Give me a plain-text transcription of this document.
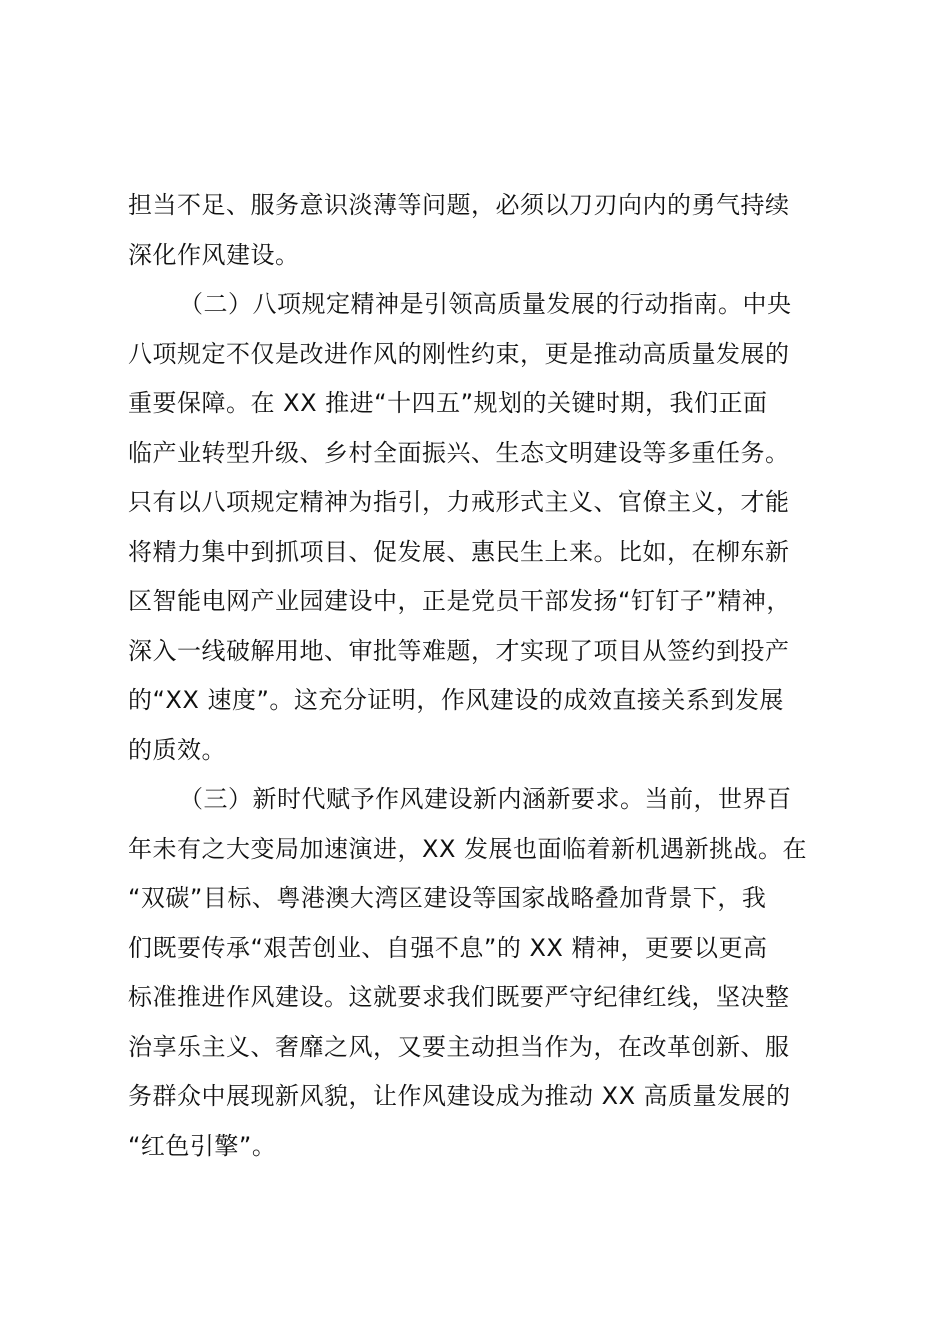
担当不足、服务意识淡薄等问题，必须以刀刃向内的勇气持续
深化作风建设。
（二）八项规定精神是引领高质量发展的行动指南。中央
八项规定不仅是改进作风的刚性约束，更是推动高质量发展的
重要保障。在 XX 推进“十四五”规划的关键时期，我们正面
临产业转型升级、乡村全面振兴、生态文明建设等多重任务。
只有以八项规定精神为指引，力戒形式主义、官僚主义，才能
将精力集中到抓项目、促发展、惠民生上来。比如，在柳东新
区智能电网产业园建设中，正是党员干部发扬“钉钉子”精神，
深入一线破解用地、审批等难题，才实现了项目从签约到投产
的“XX 速度”。这充分证明，作风建设的成效直接关系到发展
的质效。
（三）新时代赋予作风建设新内涵新要求。当前，世界百
年未有之大变局加速演进，XX 发展也面临着新机遇新挑战。在
“双碳”目标、粤港澳大湾区建设等国家战略叠加背景下，我
们既要传承“艰苦创业、自强不息”的 XX 精神，更要以更高
标准推进作风建设。这就要求我们既要严守纪律红线，坚决整
治享乐主义、奢靡之风，又要主动担当作为，在改革创新、服
务群众中展现新风貌，让作风建设成为推动 XX 高质量发展的
“红色引擎”。
